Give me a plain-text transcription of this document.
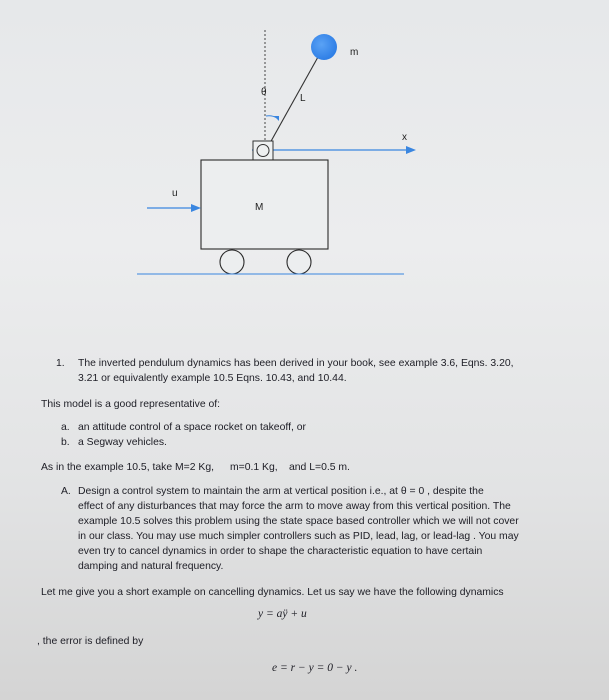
m
θ
L
x
u
M
1. The inverted pendulum dynamics has been derived in your book, see example 3.6, Eqns. 3.20,
3.21 or equivalently example 10.5 Eqns. 10.43, and 10.44.
This model is a good representative of:
a. an attitude control of a space rocket on takeoff, or
b. a Segway vehicles.
As in the example 10.5, take M=2 Kg, m=0.1 Kg, and L=0.5 m.
A. Design a control system to maintain the arm at vertical position i.e., at θ = 0 , despite the
effect of any disturbances that may force the arm to move away from this vertical position. The
example 10.5 solves this problem using the state space based controller which we will not cover
in our class. You may use much simpler controllers such as PID, lead, lag, or lead-lag . You may
even try to cancel dynamics in order to shape the characteristic equation to have certain
damping and natural frequency.
Let me give you a short example on cancelling dynamics. Let us say we have the following dynamics
y = aÿ + u
, the error is defined by
e = r − y = 0 − y .
